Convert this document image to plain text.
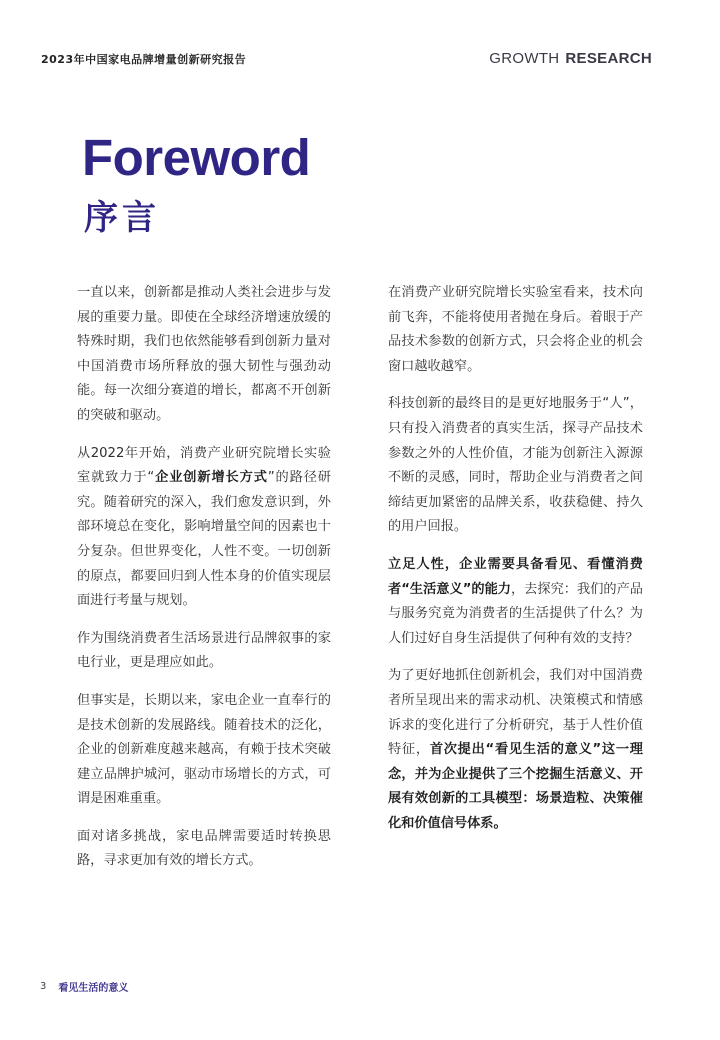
2023年中国家电品牌增量创新研究报告	GROWTH RESEARCH
Foreword
序言

一直以来，创新都是推动人类社会进步与发展的重要力量。即使在全球经济增速放缓的特殊时期，我们也依然能够看到创新力量对中国消费市场所释放的强大韧性与强劲动能。每一次细分赛道的增长，都离不开创新的突破和驱动。

从2022年开始，消费产业研究院增长实验室就致力于“企业创新增长方式”的路径研究。随着研究的深入，我们愈发意识到，外部环境总在变化，影响增量空间的因素也十分复杂。但世界变化，人性不变。一切创新的原点，都要回归到人性本身的价值实现层面进行考量与规划。

作为围绕消费者生活场景进行品牌叙事的家电行业，更是理应如此。

但事实是，长期以来，家电企业一直奉行的是技术创新的发展路线。随着技术的泛化，企业的创新难度越来越高，有赖于技术突破建立品牌护城河，驱动市场增长的方式，可谓是困难重重。

面对诸多挑战，家电品牌需要适时转换思路，寻求更加有效的增长方式。

在消费产业研究院增长实验室看来，技术向前飞奔，不能将使用者抛在身后。着眼于产品技术参数的创新方式，只会将企业的机会窗口越收越窄。

科技创新的最终目的是更好地服务于“人”，只有投入消费者的真实生活，探寻产品技术参数之外的人性价值，才能为创新注入源源不断的灵感，同时，帮助企业与消费者之间缔结更加紧密的品牌关系，收获稳健、持久的用户回报。

立足人性，企业需要具备看见、看懂消费者“生活意义”的能力，去探究：我们的产品与服务究竟为消费者的生活提供了什么？为人们过好自身生活提供了何种有效的支持？

为了更好地抓住创新机会，我们对中国消费者所呈现出来的需求动机、决策模式和情感诉求的变化进行了分析研究，基于人性价值特征，首次提出“看见生活的意义”这一理念，并为企业提供了三个挖掘生活意义、开展有效创新的工具模型：场景造粒、决策催化和价值信号体系。

3 看见生活的意义
